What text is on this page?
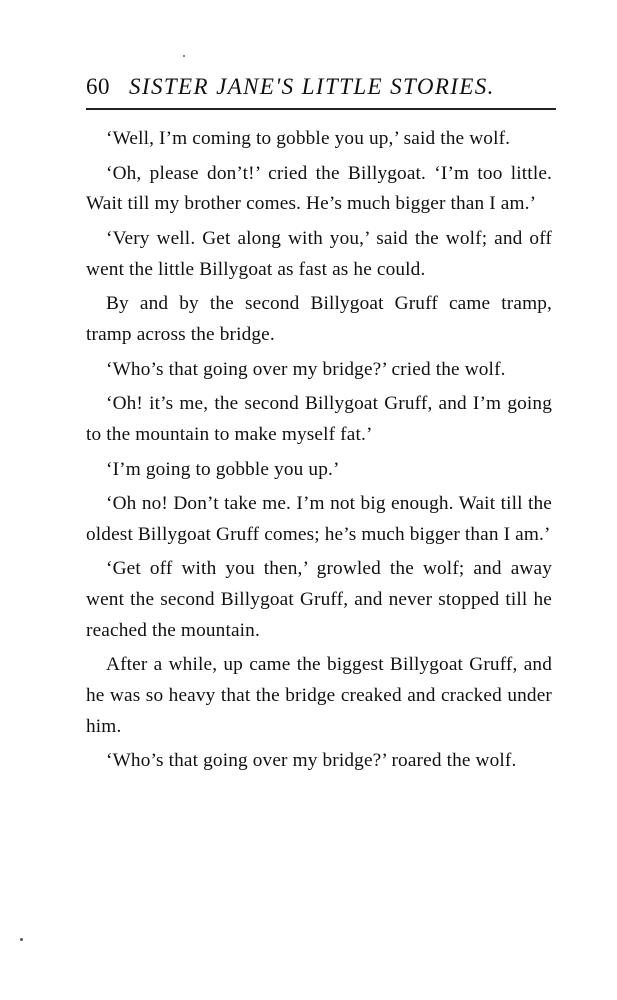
60 SISTER JANE'S LITTLE STORIES.

‘Well, I’m coming to gobble you up,’ said the wolf.

‘Oh, please don’t!’ cried the Billygoat. ‘I’m too little. Wait till my brother comes. He’s much bigger than I am.’

‘Very well. Get along with you,’ said the wolf; and off went the little Billygoat as fast as he could.

By and by the second Billygoat Gruff came tramp, tramp across the bridge.

‘Who’s that going over my bridge?’ cried the wolf.

‘Oh! it’s me, the second Billygoat Gruff, and I’m going to the mountain to make myself fat.’

‘I’m going to gobble you up.’

‘Oh no! Don’t take me. I’m not big enough. Wait till the oldest Billygoat Gruff comes; he’s much bigger than I am.’

‘Get off with you then,’ growled the wolf; and away went the second Billygoat Gruff, and never stopped till he reached the mountain.

After a while, up came the biggest Billygoat Gruff, and he was so heavy that the bridge creaked and cracked under him.

‘Who’s that going over my bridge?’ roared the wolf.
